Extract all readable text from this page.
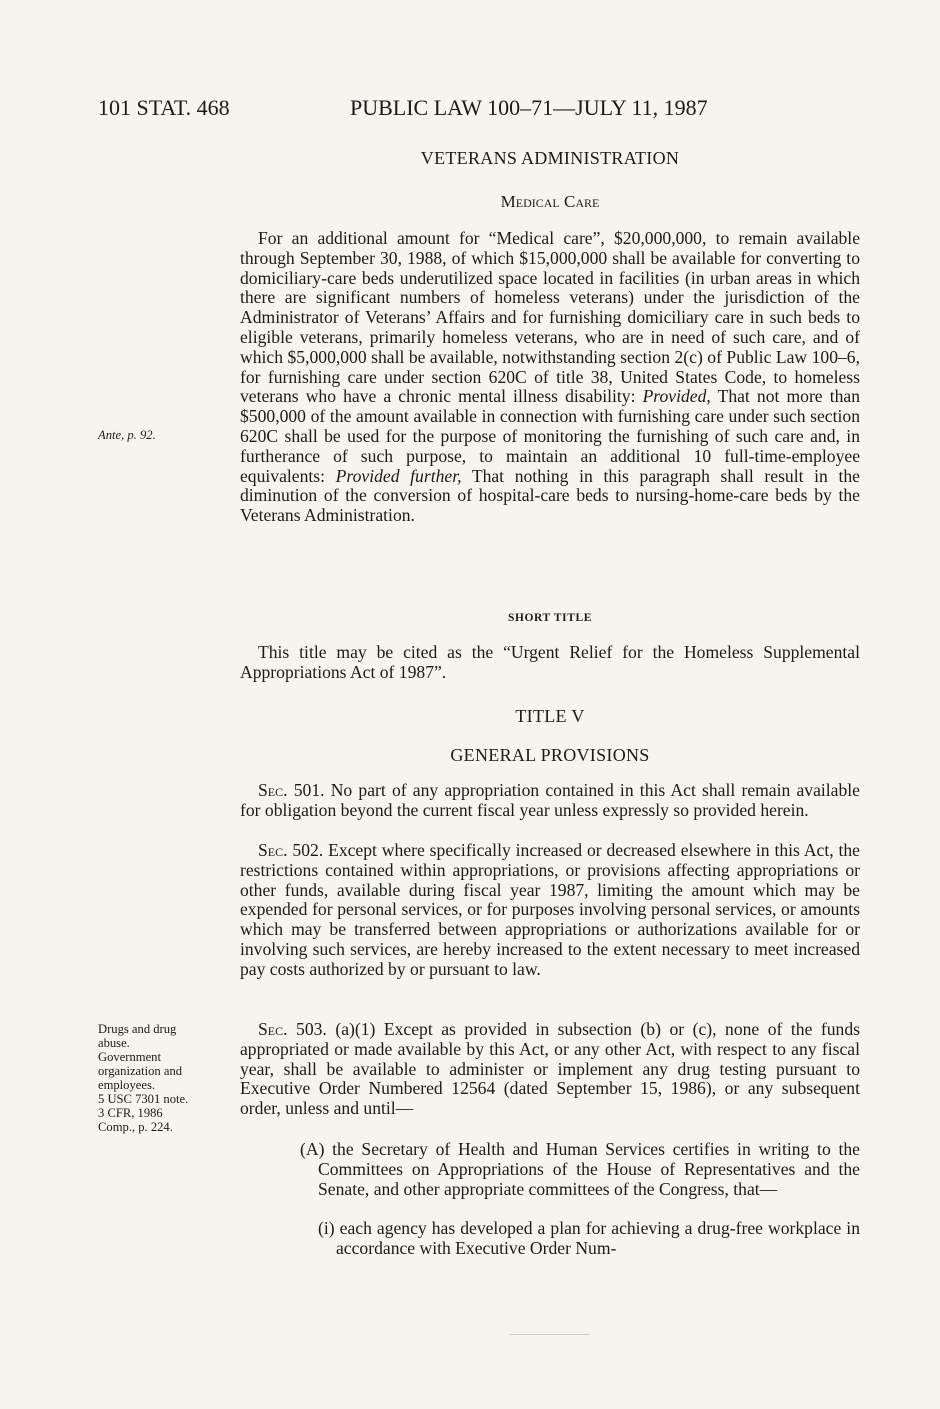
101 STAT. 468	PUBLIC LAW 100–71—JULY 11, 1987
VETERANS ADMINISTRATION
Medical Care

For an additional amount for “Medical care”, $20,000,000, to remain available through September 30, 1988, of which $15,000,000 shall be available for converting to domiciliary-care beds underutilized space located in facilities (in urban areas in which there are significant numbers of homeless veterans) under the jurisdiction of the Administrator of Veterans’ Affairs and for furnishing domiciliary care in such beds to eligible veterans, primarily homeless veterans, who are in need of such care, and of which $5,000,000 shall be available, notwithstanding section 2(c) of Public Law 100–6, for furnishing care under section 620C of title 38, United States Code, to homeless veterans who have a chronic mental illness disability: Provided, That not more than $500,000 of the amount available in connection with furnishing care under such section 620C shall be used for the purpose of monitoring the furnishing of such care and, in furtherance of such purpose, to maintain an additional 10 full-time-employee equivalents: Provided further, That nothing in this paragraph shall result in the diminution of the conversion of hospital-care beds to nursing-home-care beds by the Veterans Administration.

Ante, p. 92.
SHORT TITLE

This title may be cited as the “Urgent Relief for the Homeless Supplemental Appropriations Act of 1987”.

TITLE V
GENERAL PROVISIONS

Sec. 501. No part of any appropriation contained in this Act shall remain available for obligation beyond the current fiscal year unless expressly so provided herein.

Sec. 502. Except where specifically increased or decreased elsewhere in this Act, the restrictions contained within appropriations, or provisions affecting appropriations or other funds, available during fiscal year 1987, limiting the amount which may be expended for personal services, or for purposes involving personal services, or amounts which may be transferred between appropriations or authorizations available for or involving such services, are hereby increased to the extent necessary to meet increased pay costs authorized by or pursuant to law.

Sec. 503. (a)(1) Except as provided in subsection (b) or (c), none of the funds appropriated or made available by this Act, or any other Act, with respect to any fiscal year, shall be available to administer or implement any drug testing pursuant to Executive Order Numbered 12564 (dated September 15, 1986), or any subsequent order, unless and until—

Drugs and drug
abuse.
Government
organization and
employees.
5 USC 7301 note.
3 CFR, 1986
Comp., p. 224.

(A) the Secretary of Health and Human Services certifies in writing to the Committees on Appropriations of the House of Representatives and the Senate, and other appropriate committees of the Congress, that—

(i) each agency has developed a plan for achieving a drug-free workplace in accordance with Executive Order Num-
